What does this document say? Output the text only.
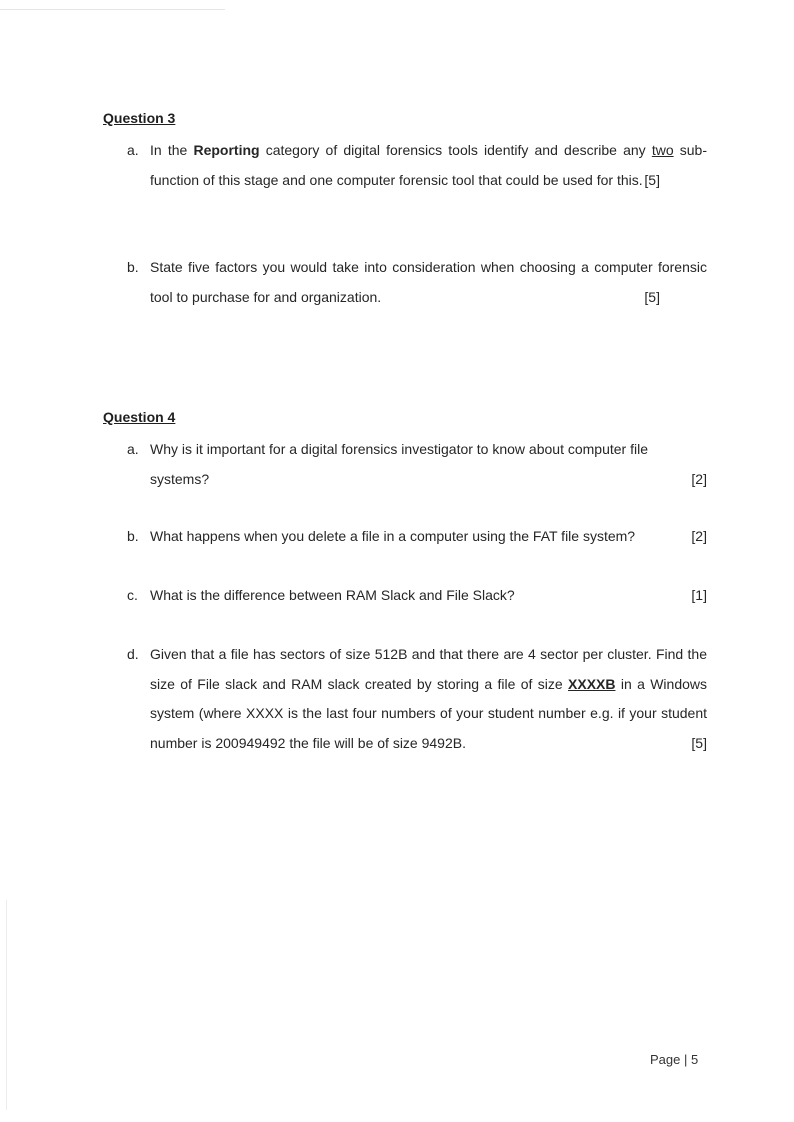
Question 3
a. In the Reporting category of digital forensics tools identify and describe any two sub-function of this stage and one computer forensic tool that could be used for this. [5]
b. State five factors you would take into consideration when choosing a computer forensic tool to purchase for and organization.	[5]
Question 4
a. Why is it important for a digital forensics investigator to know about computer file systems?	[2]
b. What happens when you delete a file in a computer using the FAT file system?	[2]
c. What is the difference between RAM Slack and File Slack?	[1]
d. Given that a file has sectors of size 512B and that there are 4 sector per cluster. Find the size of File slack and RAM slack created by storing a file of size XXXXB in a Windows system (where XXXX is the last four numbers of your student number e.g. if your student number is 200949492 the file will be of size 9492B.	[5]
Page | 5
